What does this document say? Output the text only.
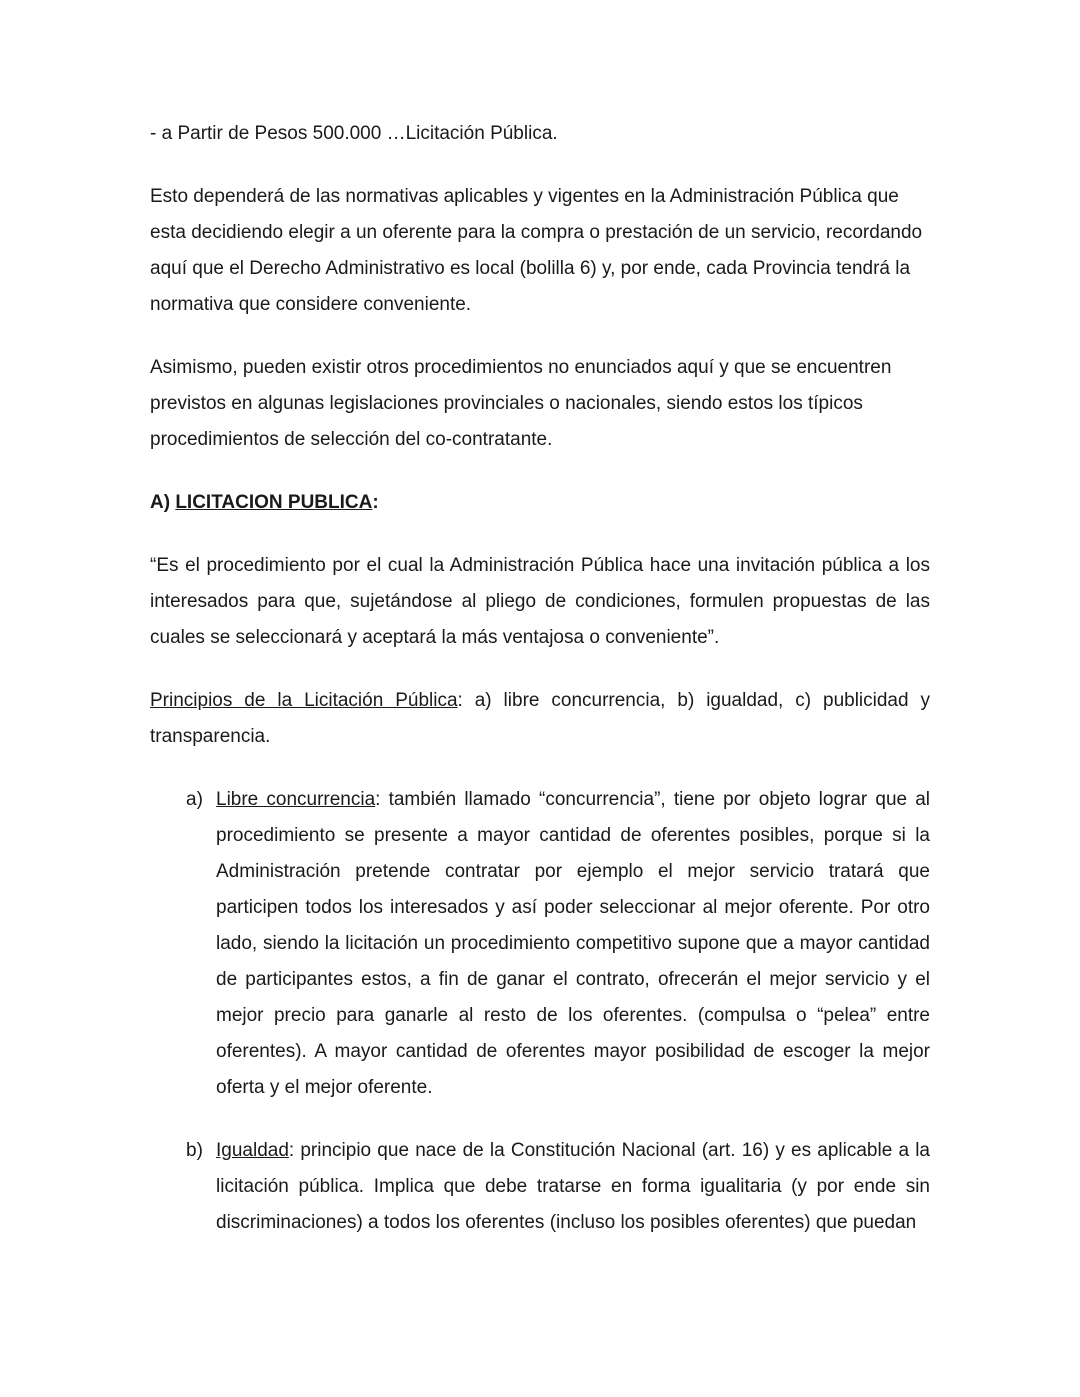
- a Partir de Pesos 500.000 …Licitación Pública.

Esto dependerá de las normativas aplicables y vigentes en la Administración Pública que esta decidiendo elegir a un oferente para la compra o prestación de un servicio, recordando aquí que el Derecho Administrativo es local (bolilla 6) y, por ende, cada Provincia tendrá la normativa que considere conveniente.

Asimismo, pueden existir otros procedimientos no enunciados aquí y que se encuentren previstos en algunas legislaciones provinciales o nacionales, siendo estos los típicos procedimientos de selección del co-contratante.

A) LICITACION PUBLICA:

“Es el procedimiento por el cual la Administración Pública hace una invitación pública a los interesados para que, sujetándose al pliego de condiciones, formulen propuestas de las cuales se seleccionará y aceptará la más ventajosa o conveniente”.

Principios de la Licitación Pública: a) libre concurrencia, b) igualdad, c) publicidad y transparencia.

a) Libre concurrencia: también llamado “concurrencia”, tiene por objeto lograr que al procedimiento se presente a mayor cantidad de oferentes posibles, porque si la Administración pretende contratar por ejemplo el mejor servicio tratará que participen todos los interesados y así poder seleccionar al mejor oferente. Por otro lado, siendo la licitación un procedimiento competitivo supone que a mayor cantidad de participantes estos, a fin de ganar el contrato, ofrecerán el mejor servicio y el mejor precio para ganarle al resto de los oferentes. (compulsa o “pelea” entre oferentes). A mayor cantidad de oferentes mayor posibilidad de escoger la mejor oferta y el mejor oferente.
b) Igualdad: principio que nace de la Constitución Nacional (art. 16) y es aplicable a la licitación pública. Implica que debe tratarse en forma igualitaria (y por ende sin discriminaciones) a todos los oferentes (incluso los posibles oferentes) que puedan
